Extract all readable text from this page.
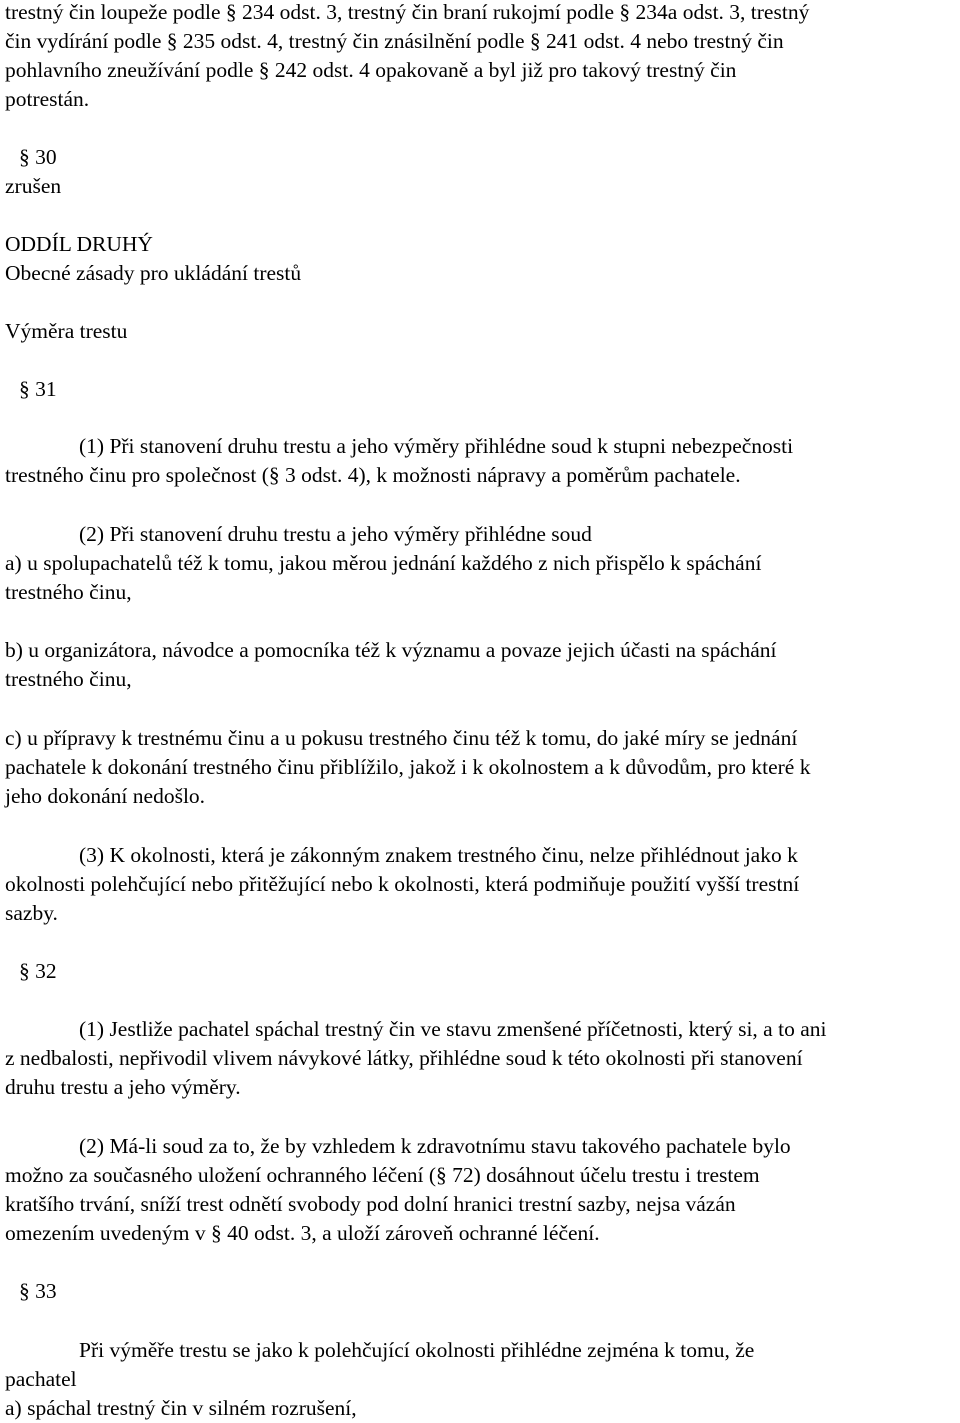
trestný čin loupeže podle § 234 odst. 3, trestný čin braní rukojmí podle § 234a odst. 3, trestný
čin vydírání podle § 235 odst. 4, trestný čin znásilnění podle § 241 odst. 4 nebo trestný čin
pohlavního zneužívání podle § 242 odst. 4 opakovaně a byl již pro takový trestný čin
potrestán.
§ 30
zrušen
ODDÍL DRUHÝ
Obecné zásady pro ukládání trestů
Výměra trestu
§ 31
(1) Při stanovení druhu trestu a jeho výměry přihlédne soud k stupni nebezpečnosti
trestného činu pro společnost (§ 3 odst. 4), k možnosti nápravy a poměrům pachatele.
(2) Při stanovení druhu trestu a jeho výměry přihlédne soud
a) u spolupachatelů též k tomu, jakou měrou jednání každého z nich přispělo k spáchání
trestného činu,
b) u organizátora, návodce a pomocníka též k významu a povaze jejich účasti na spáchání
trestného činu,
c) u přípravy k trestnému činu a u pokusu trestného činu též k tomu, do jaké míry se jednání
pachatele k dokonání trestného činu přiblížilo, jakož i k okolnostem a k důvodům, pro které k
jeho dokonání nedošlo.
(3) K okolnosti, která je zákonným znakem trestného činu, nelze přihlédnout jako k
okolnosti polehčující nebo přitěžující nebo k okolnosti, která podmiňuje použití vyšší trestní
sazby.
§ 32
(1) Jestliže pachatel spáchal trestný čin ve stavu zmenšené příčetnosti, který si, a to ani
z nedbalosti, nepřivodil vlivem návykové látky, přihlédne soud k této okolnosti při stanovení
druhu trestu a jeho výměry.
(2) Má-li soud za to, že by vzhledem k zdravotnímu stavu takového pachatele bylo
možno za současného uložení ochranného léčení (§ 72) dosáhnout účelu trestu i trestem
kratšího trvání, sníží trest odnětí svobody pod dolní hranici trestní sazby, nejsa vázán
omezením uvedeným v § 40 odst. 3, a uloží zároveň ochranné léčení.
§ 33
Při výměře trestu se jako k polehčující okolnosti přihlédne zejména k tomu, že
pachatel
a) spáchal trestný čin v silném rozrušení,
